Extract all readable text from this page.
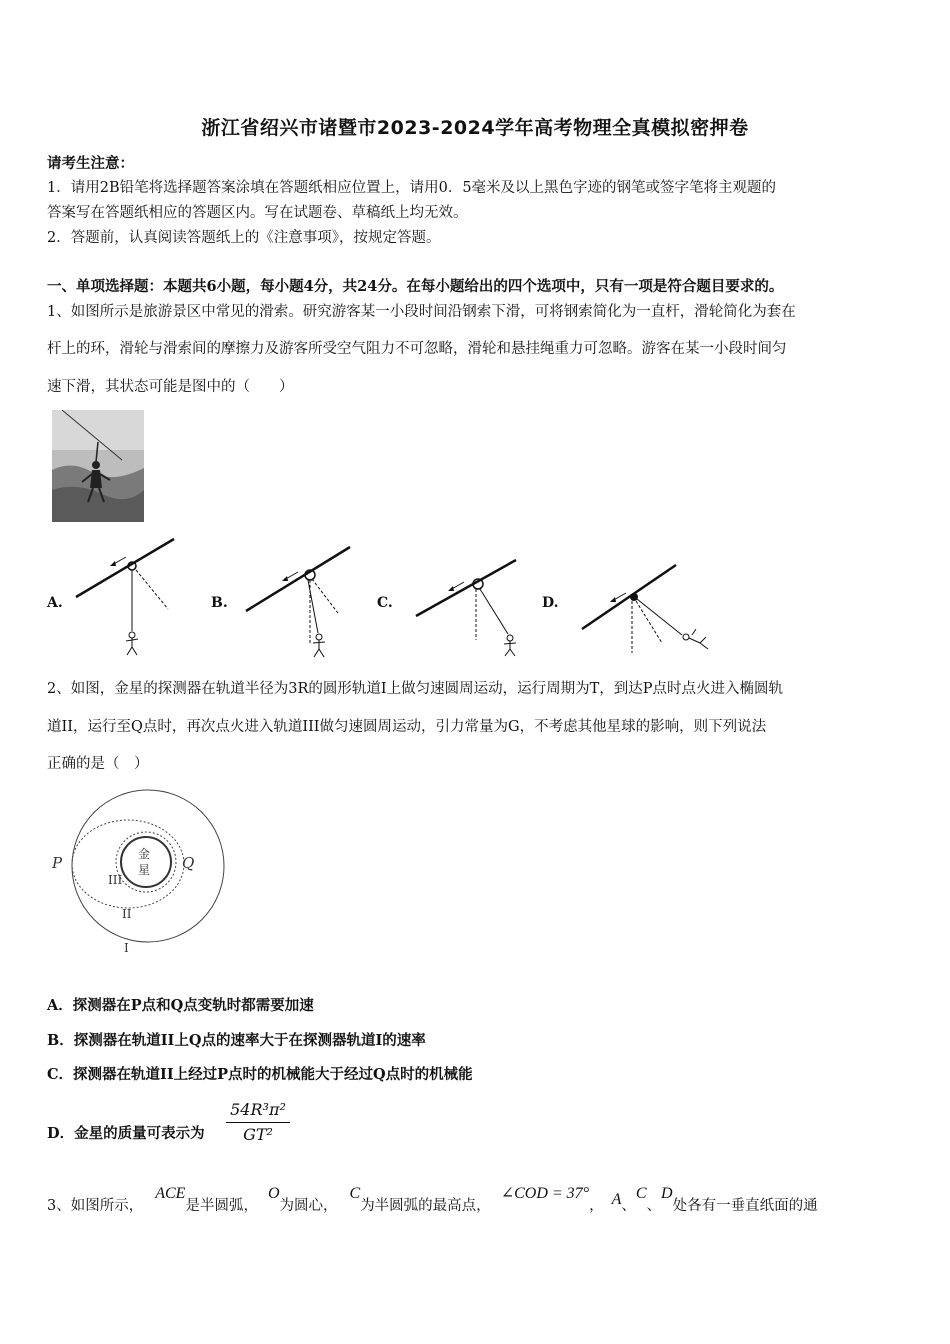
浙江省绍兴市诸暨市2023-2024学年高考物理全真模拟密押卷
请考生注意：
1．请用2B铅笔将选择题答案涂填在答题纸相应位置上，请用0．5毫米及以上黑色字迹的钢笔或签字笔将主观题的
答案写在答题纸相应的答题区内。写在试题卷、草稿纸上均无效。
2．答题前，认真阅读答题纸上的《注意事项》，按规定答题。
一、单项选择题：本题共6小题，每小题4分，共24分。在每小题给出的四个选项中，只有一项是符合题目要求的。
1、如图所示是旅游景区中常见的滑索。研究游客某一小段时间沿钢索下滑，可将钢索简化为一直杆，滑轮简化为套在
杆上的环，滑轮与滑索间的摩擦力及游客所受空气阻力不可忽略，滑轮和悬挂绳重力可忽略。游客在某一小段时间匀
速下滑，其状态可能是图中的（　　）
A.	B.	C.	D.
2、如图，金星的探测器在轨道半径为3R的圆形轨道I上做匀速圆周运动，运行周期为T，到达P点时点火进入椭圆轨
道II，运行至Q点时，再次点火进入轨道III做匀速圆周运动，引力常量为G，不考虑其他星球的影响，则下列说法
正确的是（　）
P	Q
金
星
III
II
I
A．探测器在P点和Q点变轨时都需要加速
B．探测器在轨道II上Q点的速率大于在探测器轨道I的速率
C．探测器在轨道II上经过P点时的机械能大于经过Q点时的机械能
D．金星的质量可表示为
54R³π²
GT²
3、如图所示，ACE是半圆弧，O为圆心，C为半圆弧的最高点，∠COD = 37°， A、C、D处各有一垂直纸面的通
